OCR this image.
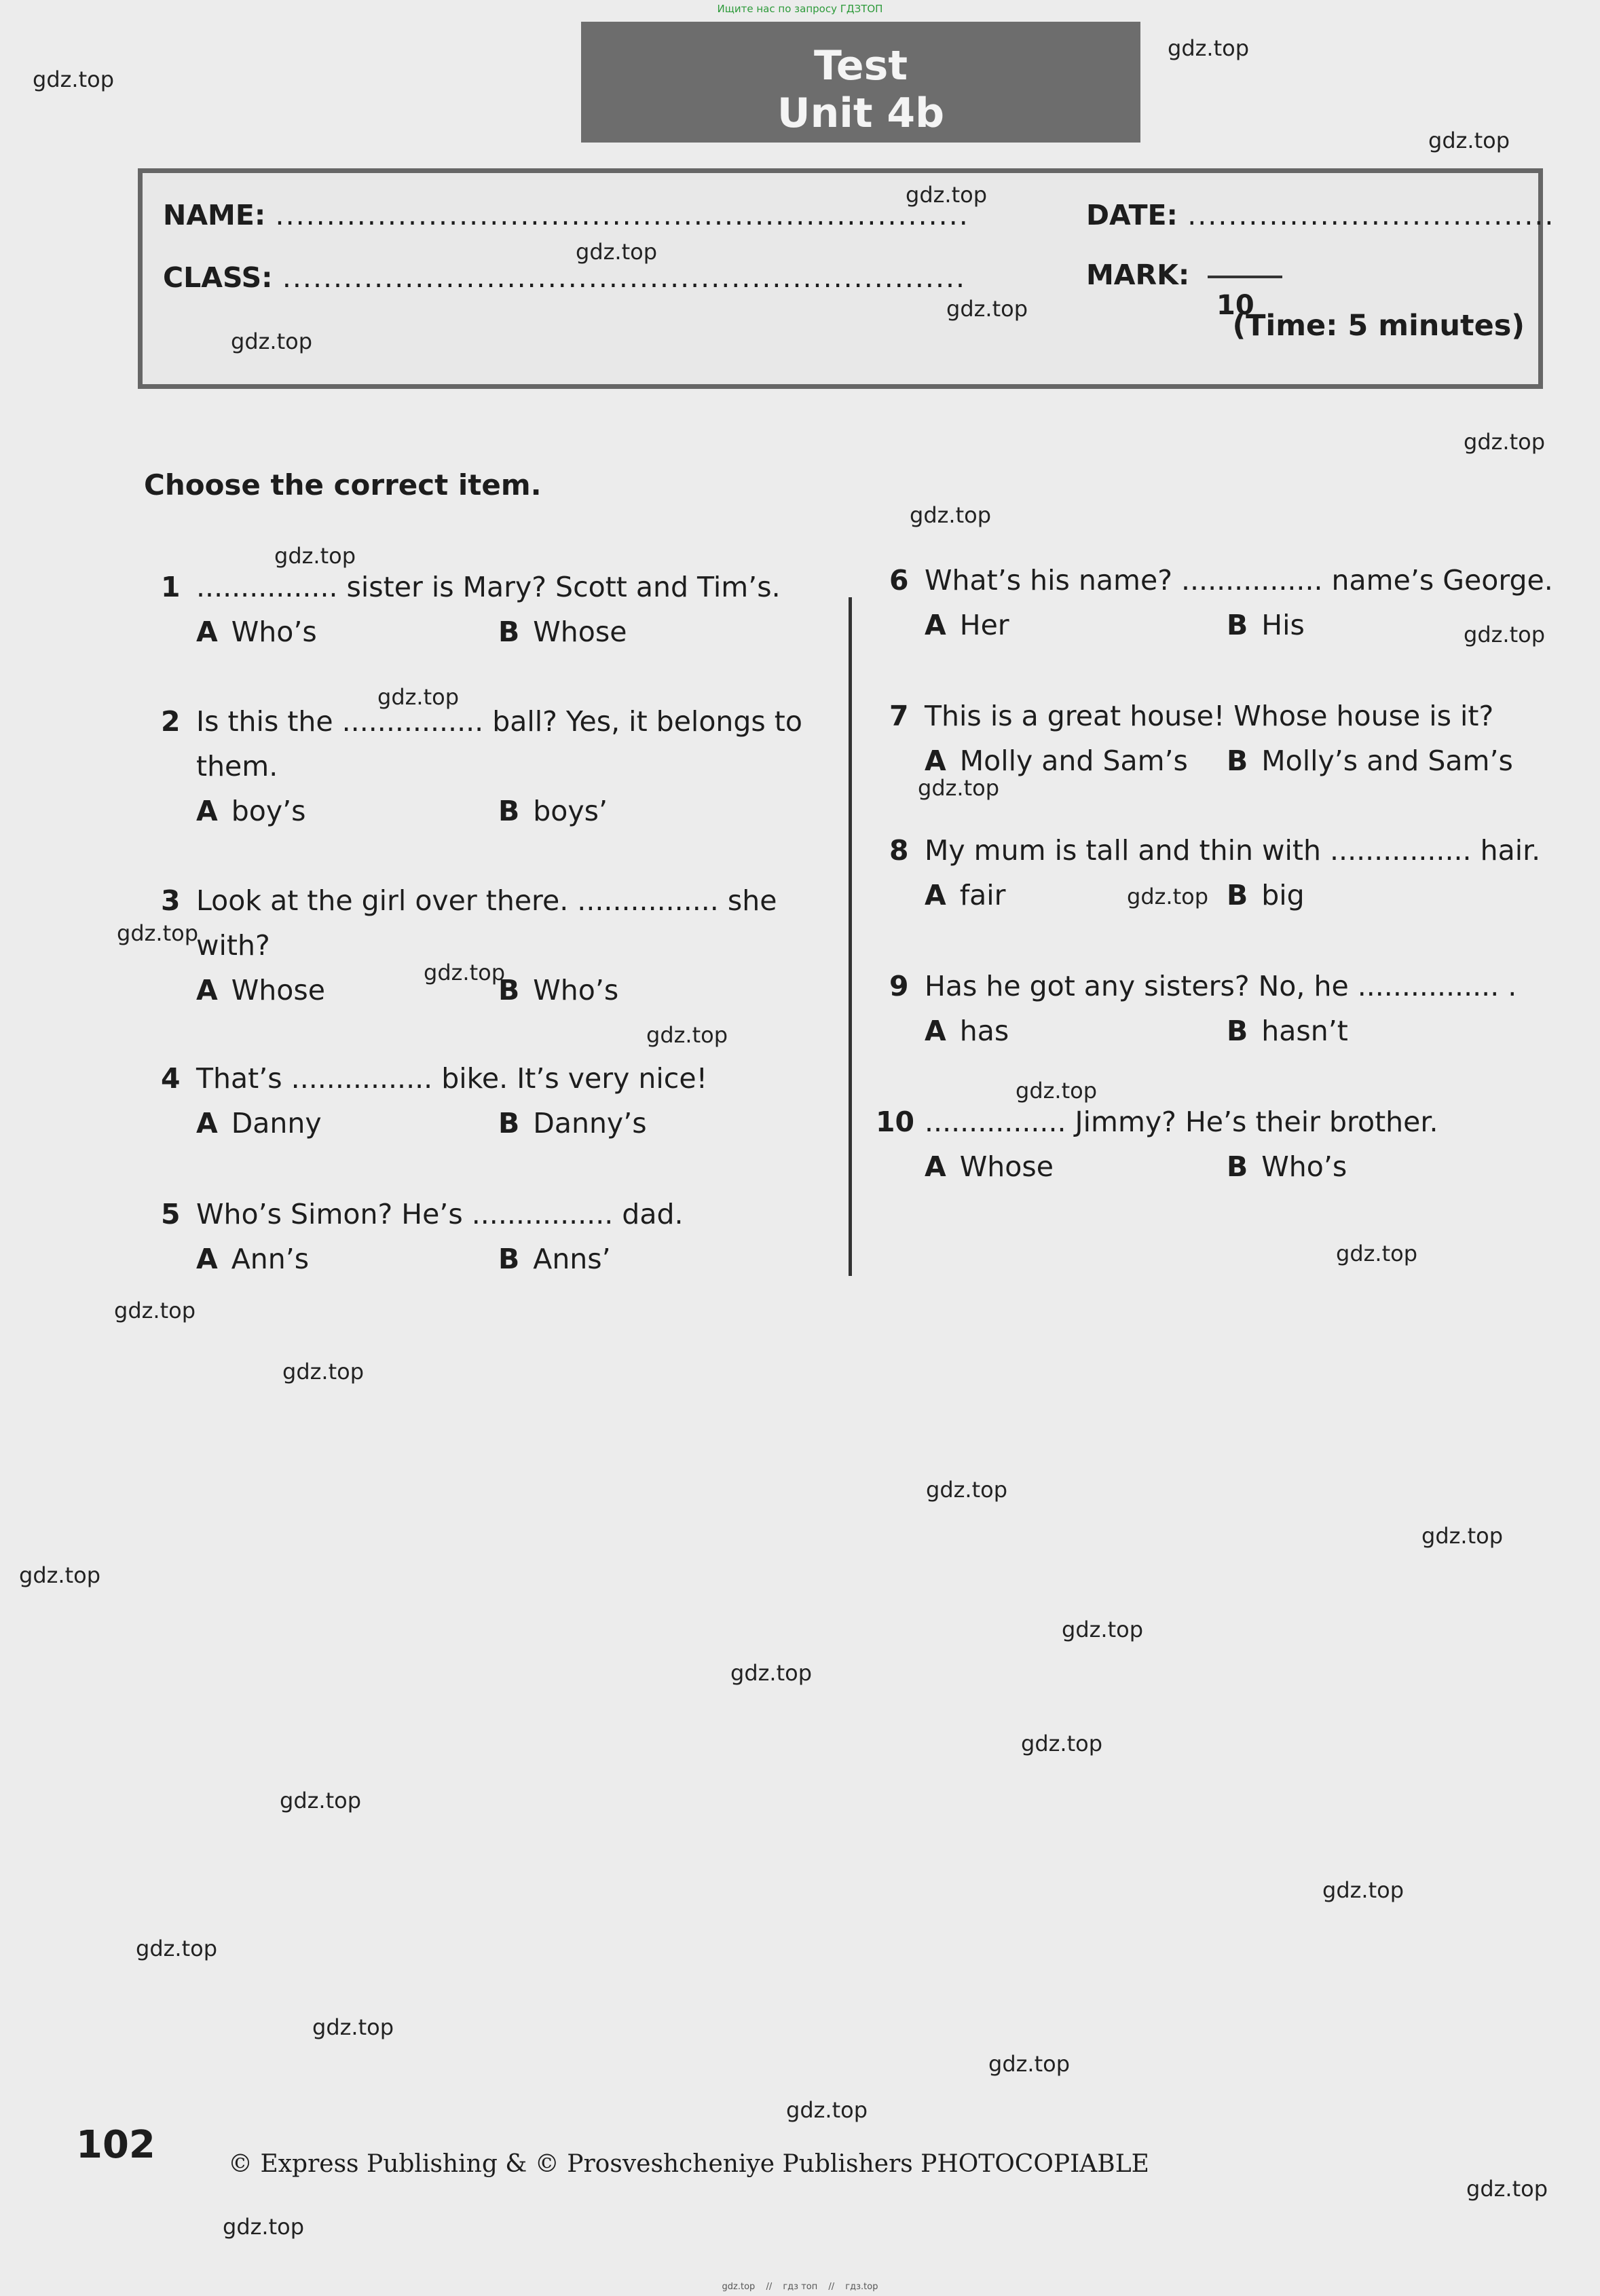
Ищите нас по запросу ГДЗТОП
Test
Unit 4b
NAME: ....................................................................	DATE: ....................................
CLASS: ...................................................................	MARK:
10
(Time: 5 minutes)
Choose the correct item.
1 ................ sister is Mary? Scott and Tim’s.
A Who’s	B Whose
2 Is this the ................ ball? Yes, it belongs to
them.
A boy’s	B boys’
3 Look at the girl over there. ................ she
with?
A Whose	B Who’s
4 That’s ................ bike. It’s very nice!
A Danny	B Danny’s
5 Who’s Simon? He’s ................ dad.
A Ann’s	B Anns’
6 What’s his name? ................ name’s George.
A Her	B His
7 This is a great house! Whose house is it?
A Molly and Sam’s	B Molly’s and Sam’s
8 My mum is tall and thin with ................ hair.
A fair	B big
9 Has he got any sisters? No, he ................ .
A has	B hasn’t
10 ................ Jimmy? He’s their brother.
A Whose	B Who’s
gdz.top
gdz.top
gdz.top
gdz.top
gdz.top
gdz.top
gdz.top
gdz.top
gdz.top
gdz.top
gdz.top
gdz.top
gdz.top
gdz.top
gdz.top
gdz.top
gdz.top
gdz.top
gdz.top
gdz.top
gdz.top
gdz.top
gdz.top
gdz.top
gdz.top
gdz.top
gdz.top
gdz.top
gdz.top
gdz.top
gdz.top
gdz.top
gdz.top
gdz.top
gdz.top
102	© Express Publishing & © Prosveshcheniye Publishers PHOTOCOPIABLE
gdz.top // гдз топ // гдз.top
